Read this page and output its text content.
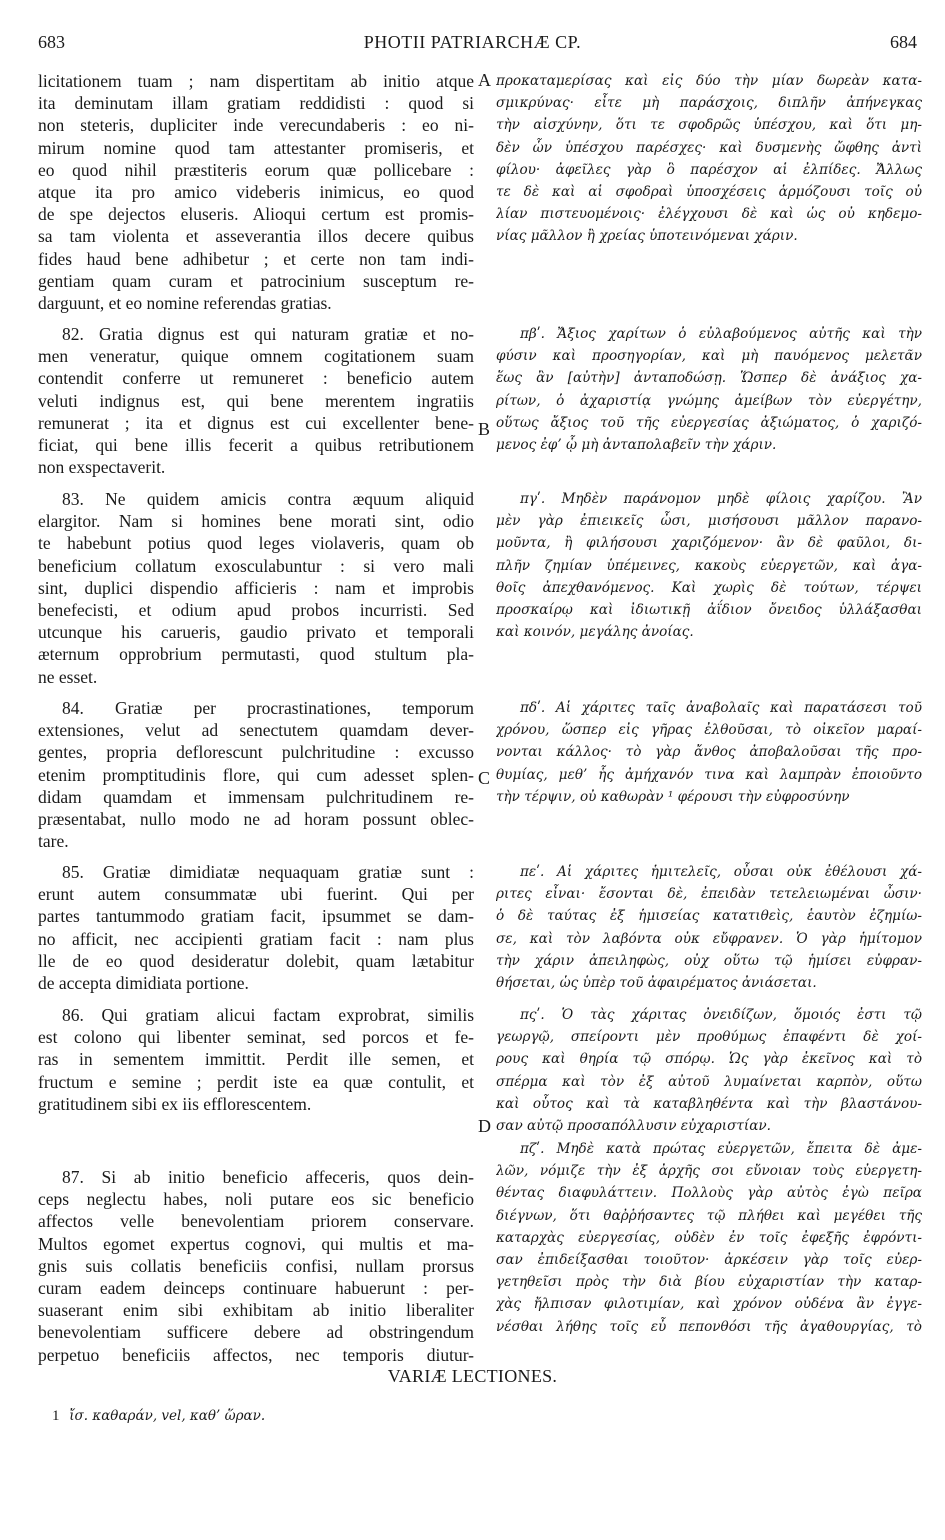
PHOTII PATRIARCHÆ CP.
683	684
licitationem tuam ; nam dispertitam ab initio atque
ita deminutam illam gratiam reddidisti : quod si
non steteris, dupliciter inde verecundaberis : eo ni-
mirum nomine quod tam attestanter promiseris, et
eo quod nihil præstiteris eorum quæ pollicebare :
atque ita pro amico videberis inimicus, eo quod
de spe dejectos eluseris. Alioqui certum est promis-
sa tam violenta et asseverantia illos decere quibus
fides haud bene adhibetur ; et certe non tam indi-
gentiam quam curam et patrocinium susceptum re-
darguunt, et eo nomine referendas gratias.
82. Gratia dignus est qui naturam gratiæ et no-
men veneratur, quique omnem cogitationem suam
contendit conferre ut remuneret : beneficio autem
veluti indignus est, qui bene merentem ingratiis
remunerat ; ita et dignus est cui excellenter bene-
ficiat, qui bene illis fecerit a quibus retributionem
non exspectaverit.
83. Ne quidem amicis contra æquum aliquid
elargitor. Nam si homines bene morati sint, odio
te habebunt potius quod leges violaveris, quam ob
beneficium collatum exosculabuntur : si vero mali
sint, duplici dispendio afficieris : nam et improbis
benefecisti, et odium apud probos incurristi. Sed
utcunque his carueris, gaudio privato et temporali
æternum opprobrium permutasti, quod stultum pla-
ne esset.
84. Gratiæ per procrastinationes, temporum
extensiones, velut ad senectutem quamdam dever-
gentes, propria deflorescunt pulchritudine : excusso
etenim promptitudinis flore, qui cum adesset splen-
didam quamdam et immensam pulchritudinem re-
præsentabat, nullo modo ne ad horam possunt oblec-
tare.
85. Gratiæ dimidiatæ nequaquam gratiæ sunt :
erunt autem consummatæ ubi fuerint. Qui per
partes tantummodo gratiam facit, ipsummet se dam-
no afficit, nec accipienti gratiam facit : nam plus
lle de eo quod desideratur dolebit, quam lætabitur
de accepta dimidiata portione.
86. Qui gratiam alicui factam exprobrat, similis
est colono qui libenter seminat, sed porcos et fe-
ras in sementem immittit. Perdit ille semen, et
fructum e semine ; perdit iste ea quæ contulit, et
gratitudinem sibi ex iis efflorescentem.
87. Si ab initio beneficio affeceris, quos dein-
ceps neglectu habes, noli putare eos sic beneficio
affectos velle benevolentiam priorem conservare.
Multos egomet expertus cognovi, qui multis et ma-
gnis suis collatis beneficiis confisi, nullam prorsus
curam eadem deinceps continuare habuerunt : per-
suaserant enim sibi exhibitam ab initio liberaliter
benevolentiam sufficere debere ad obstringendum
perpetuo beneficiis affectos, nec temporis diutur-
προκαταμερίσας καὶ εἰς δύο τὴν μίαν δωρεὰν κατα-
σμικρύνας· εἶτε μὴ παράσχοις, διπλῆν ἀπήνεγκας
τὴν αἰσχύνην, ὅτι τε σφοδρῶς ὑπέσχου, καὶ ὅτι μη-
δὲν ὧν ὑπέσχου παρέσχες· καὶ δυσμενὴς ὤφθης ἀντὶ
φίλου· ἀφεῖλες γὰρ ὃ παρέσχον αἱ ἐλπίδες. Ἄλλως
τε δὲ καὶ αἱ σφοδραὶ ὑποσχέσεις ἁρμόζουσι τοῖς οὐ
λίαν πιστευομένοις· ἐλέγχουσι δὲ καὶ ὡς οὐ κηδεμο-
νίας μᾶλλον ἢ χρείας ὑποτεινόμεναι χάριν.
πβʹ. Ἄξιος χαρίτων ὁ εὐλαβούμενος αὐτῆς καὶ τὴν
φύσιν καὶ προσηγορίαν, καὶ μὴ παυόμενος μελετᾶν
ἕως ἂν [αὐτὴν] ἀνταποδώσῃ. Ὥσπερ δὲ ἀνάξιος χα-
ρίτων, ὁ ἀχαριστίᾳ γνώμης ἀμείβων τὸν εὐεργέτην,
οὕτως ἄξιος τοῦ τῆς εὐεργεσίας ἀξιώματος, ὁ χαριζό-
μενος ἐφ’ ᾧ μὴ ἀνταπολαβεῖν τὴν χάριν.
πγʹ. Μηδὲν παράνομον μηδὲ φίλοις χαρίζου. Ἂν
μὲν γὰρ ἐπιεικεῖς ὦσι, μισήσουσι μᾶλλον παρανο-
μοῦντα, ἢ φιλήσουσι χαριζόμενον· ἂν δὲ φαῦλοι, δι-
πλῆν ζημίαν ὑπέμεινες, κακοὺς εὐεργετῶν, καὶ ἀγα-
θοῖς ἀπεχθανόμενος. Καὶ χωρὶς δὲ τούτων, τέρψει
προσκαίρῳ καὶ ἰδιωτικῇ ἀΐδιον ὄνειδος ὑλλάξασθαι
καὶ κοινόν, μεγάλης ἀνοίας.
πδʹ. Αἱ χάριτες ταῖς ἀναβολαῖς καὶ παρατάσεσι τοῦ
χρόνου, ὥσπερ εἰς γῆρας ἐλθοῦσαι, τὸ οἰκεῖον μαραί-
νονται κάλλος· τὸ γὰρ ἄνθος ἀποβαλοῦσαι τῆς προ-
θυμίας, μεθ’ ἧς ἀμήχανόν τινα καὶ λαμπρὰν ἐποιοῦντο
τὴν τέρψιν, οὐ καθωρὰν ¹ φέρουσι τὴν εὐφροσύνην
πεʹ. Αἱ χάριτες ἡμιτελεῖς, οὖσαι οὐκ ἐθέλουσι χά-
ριτες εἶναι· ἔσονται δὲ, ἐπειδὰν τετελειωμέναι ὦσιν·
ὁ δὲ ταύτας ἐξ ἡμισείας κατατιθεὶς, ἑαυτὸν ἐζημίω-
σε, καὶ τὸν λαβόντα οὐκ εὔφρανεν. Ὁ γὰρ ἡμίτομον
τὴν χάριν ἀπειληφὼς, οὐχ οὕτω τῷ ἡμίσει εὐφραν-
θήσεται, ὡς ὑπὲρ τοῦ ἀφαιρέματος ἀνιάσεται.
πςʹ. Ὁ τὰς χάριτας ὀνειδίζων, ὅμοιός ἐστι τῷ
γεωργῷ, σπείροντι μὲν προθύμως ἐπαφέντι δὲ χοί-
ρους καὶ θηρία τῷ σπόρῳ. Ὡς γὰρ ἐκεῖνος καὶ τὸ
σπέρμα καὶ τὸν ἐξ αὐτοῦ λυμαίνεται καρπὸν, οὕτω
καὶ οὗτος καὶ τὰ καταβληθέντα καὶ τὴν βλαστάνου-
σαν αὐτῷ προσαπόλλυσιν εὐχαριστίαν.
πζʹ. Μηδὲ κατὰ πρώτας εὐεργετῶν, ἔπειτα δὲ ἀμε-
λῶν, νόμιζε τὴν ἐξ ἀρχῆς σοι εὔνοιαν τοὺς εὐεργετη-
θέντας διαφυλάττειν. Πολλοὺς γὰρ αὐτὸς ἐγὼ πεῖρα
διέγνων, ὅτι θαῤῥήσαντες τῷ πλήθει καὶ μεγέθει τῆς
καταρχὰς εὐεργεσίας, οὐδὲν ἐν τοῖς ἐφεξῆς ἐφρόντι-
σαν ἐπιδείξασθαι τοιοῦτον· ἀρκέσειν γὰρ τοῖς εὐερ-
γετηθεῖσι πρὸς τὴν διὰ βίου εὐχαριστίαν τὴν καταρ-
χὰς ἤλπισαν φιλοτιμίαν, καὶ χρόνον οὐδένα ἂν ἐγγε-
νέσθαι λήθης τοῖς εὖ πεπονθόσι τῆς ἀγαθουργίας, τὸ
A
B
C
D
VARIÆ LECTIONES.
1 ἴσ. καθαράν, vel, καθ’ ὥραν.
